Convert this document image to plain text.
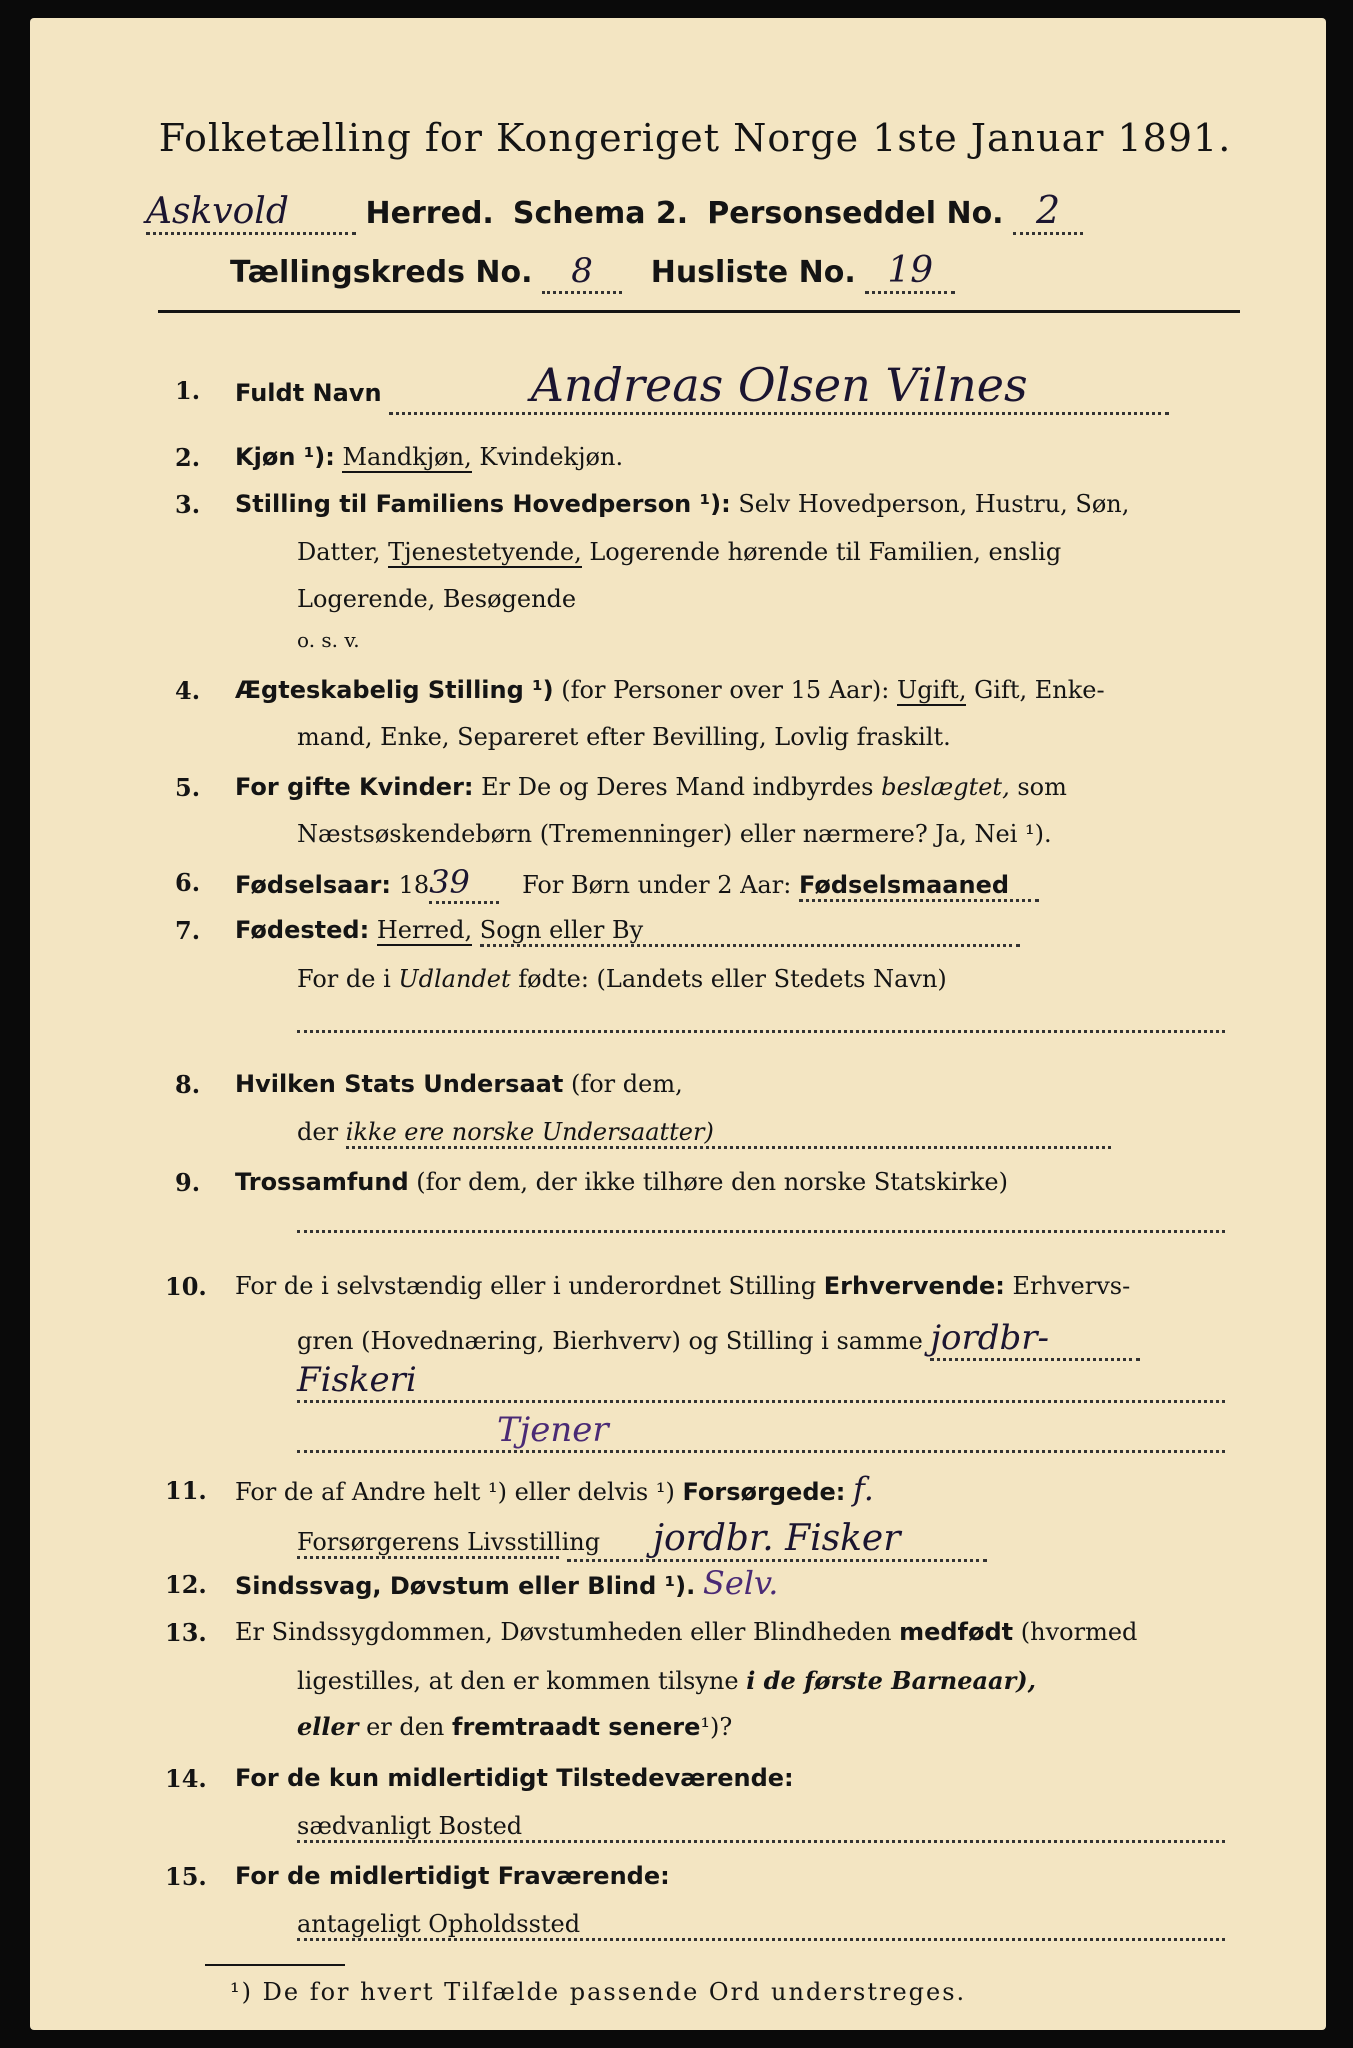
Folketælling for Kongeriget Norge 1ste Januar 1891.
Askvold	Herred. Schema 2. Personseddel No. 2
Tællingskreds No. 8 Husliste No. 19
1. Fuldt Navn	Andreas Olsen Vilnes
2. Kjøn ¹): Mandkjøn, Kvindekjøn.
3. Stilling til Familiens Hovedperson ¹): Selv Hovedperson, Hustru, Søn,
Datter, Tjenestetyende, Logerende hørende til Familien, enslig
Logerende, Besøgende
o. s. v.
4. Ægteskabelig Stilling ¹) (for Personer over 15 Aar): Ugift, Gift, Enke-
mand, Enke, Separeret efter Bevilling, Lovlig fraskilt.
5. For gifte Kvinder: Er De og Deres Mand indbyrdes beslægtet, som
Næstsøskendebørn (Tremenninger) eller nærmere? Ja, Nei ¹).
6. Fødselsaar: 1839 For Børn under 2 Aar: Fødselsmaaned
7. Fødested: Herred, Sogn eller By
For de i Udlandet fødte: (Landets eller Stedets Navn)
8. Hvilken Stats Undersaat (for dem,
der ikke ere norske Undersaatter)
9. Trossamfund (for dem, der ikke tilhøre den norske Statskirke)
10. For de i selvstændig eller i underordnet Stilling Erhvervende: Erhvervs-
gren (Hovednæring, Bierhverv) og Stilling i samme jordbr-
Fiskeri
Tjener
11. For de af Andre helt ¹) eller delvis ¹) Forsørgede: f.
Forsørgerens Livsstilling jordbr. Fisker
12. Sindssvag, Døvstum eller Blind ¹). Selv.
13. Er Sindssygdommen, Døvstumheden eller Blindheden medfødt (hvormed
ligestilles, at den er kommen tilsyne i de første Barneaar),
eller er den fremtraadt senere¹)?
14. For de kun midlertidigt Tilstedeværende:
sædvanligt Bosted
15. For de midlertidigt Fraværende:
antageligt Opholdssted
¹) De for hvert Tilfælde passende Ord understreges.
